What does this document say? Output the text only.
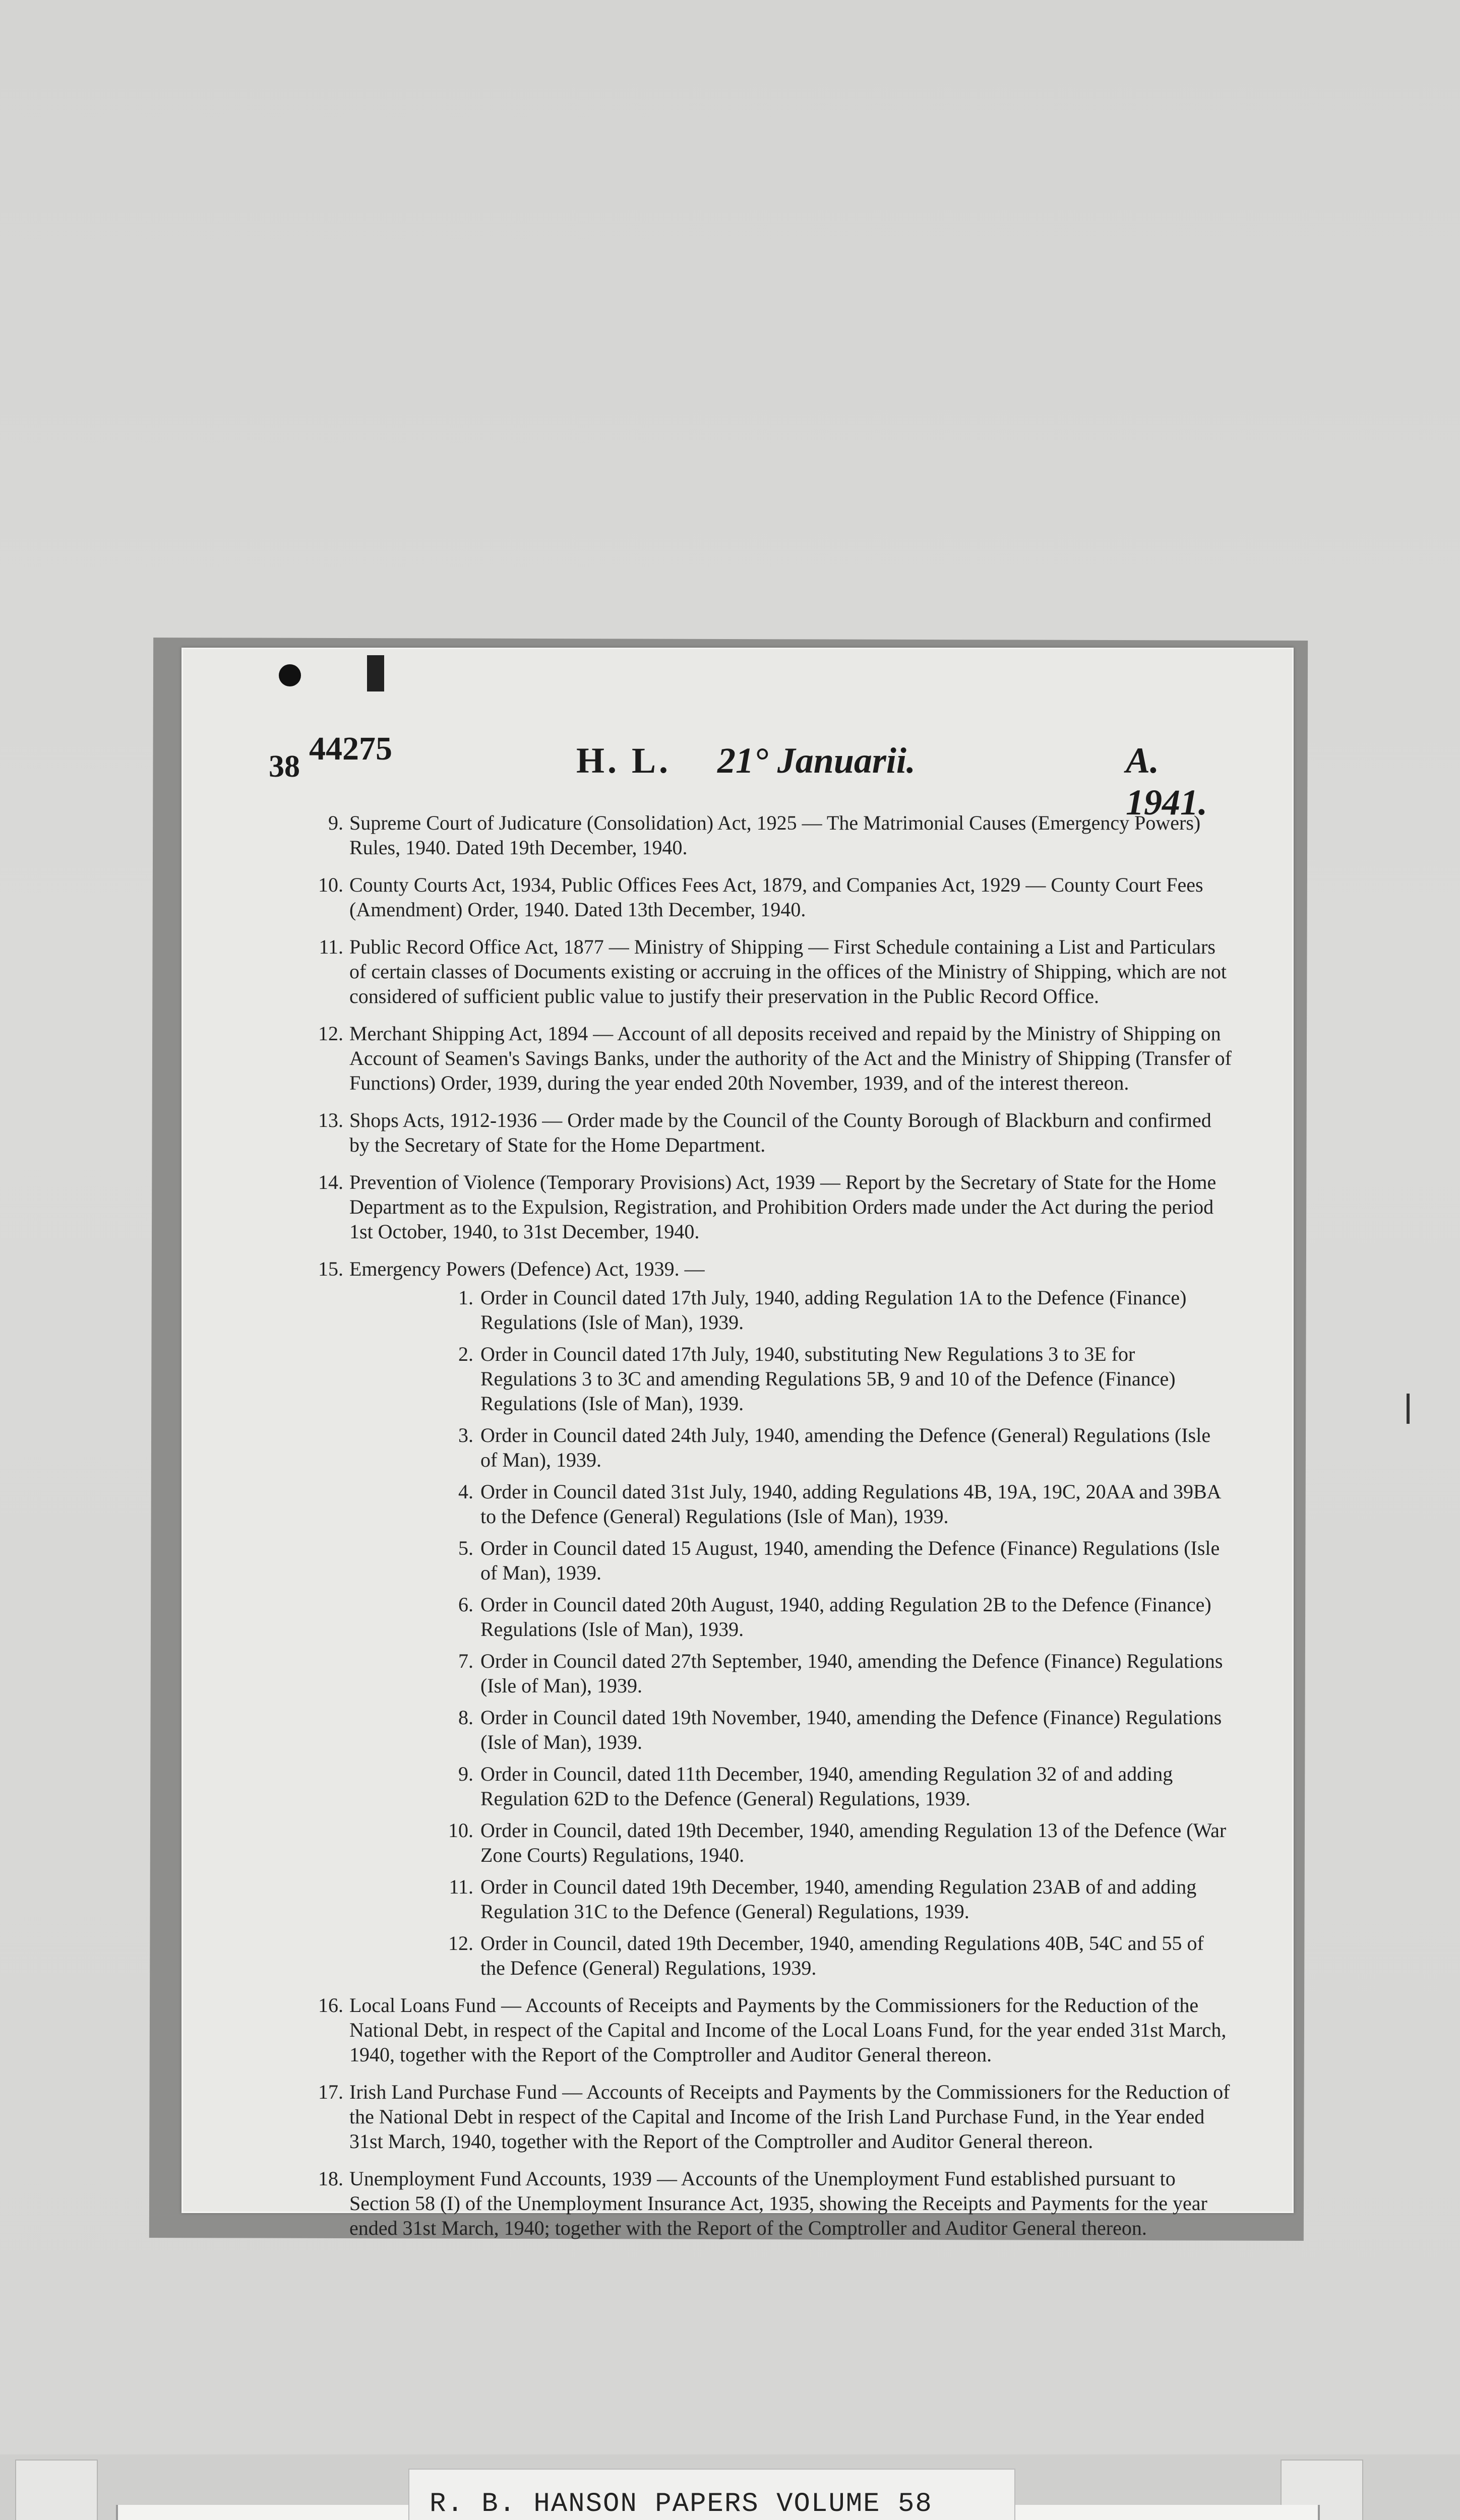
38 44275	H. L. 21° Januarii.	A. 1941.
9. Supreme Court of Judicature (Consolidation) Act, 1925 — The Matrimonial Causes (Emergency Powers) Rules, 1940. Dated 19th December, 1940.
10. County Courts Act, 1934, Public Offices Fees Act, 1879, and Companies Act, 1929 — County Court Fees (Amendment) Order, 1940. Dated 13th December, 1940.
11. Public Record Office Act, 1877 — Ministry of Shipping — First Schedule containing a List and Particulars of certain classes of Documents existing or accruing in the offices of the Ministry of Shipping, which are not considered of sufficient public value to justify their preservation in the Public Record Office.
12. Merchant Shipping Act, 1894 — Account of all deposits received and repaid by the Ministry of Shipping on Account of Seamen's Savings Banks, under the authority of the Act and the Ministry of Shipping (Transfer of Functions) Order, 1939, during the year ended 20th November, 1939, and of the interest thereon.
13. Shops Acts, 1912-1936 — Order made by the Council of the County Borough of Blackburn and confirmed by the Secretary of State for the Home Department.
14. Prevention of Violence (Temporary Provisions) Act, 1939 — Report by the Secretary of State for the Home Department as to the Expulsion, Registration, and Prohibition Orders made under the Act during the period 1st October, 1940, to 31st December, 1940.
15. Emergency Powers (Defence) Act, 1939. —
1. Order in Council dated 17th July, 1940, adding Regulation 1A to the Defence (Finance) Regulations (Isle of Man), 1939.
2. Order in Council dated 17th July, 1940, substituting New Regulations 3 to 3E for Regulations 3 to 3C and amending Regulations 5B, 9 and 10 of the Defence (Finance) Regulations (Isle of Man), 1939.
3. Order in Council dated 24th July, 1940, amending the Defence (General) Regulations (Isle of Man), 1939.
4. Order in Council dated 31st July, 1940, adding Regulations 4B, 19A, 19C, 20AA and 39BA to the Defence (General) Regulations (Isle of Man), 1939.
5. Order in Council dated 15 August, 1940, amending the Defence (Finance) Regulations (Isle of Man), 1939.
6. Order in Council dated 20th August, 1940, adding Regulation 2B to the Defence (Finance) Regulations (Isle of Man), 1939.
7. Order in Council dated 27th September, 1940, amending the Defence (Finance) Regulations (Isle of Man), 1939.
8. Order in Council dated 19th November, 1940, amending the Defence (Finance) Regulations (Isle of Man), 1939.
9. Order in Council, dated 11th December, 1940, amending Regulation 32 of and adding Regulation 62D to the Defence (General) Regulations, 1939.
10. Order in Council, dated 19th December, 1940, amending Regulation 13 of the Defence (War Zone Courts) Regulations, 1940.
11. Order in Council dated 19th December, 1940, amending Regulation 23AB of and adding Regulation 31C to the Defence (General) Regulations, 1939.
12. Order in Council, dated 19th December, 1940, amending Regulations 40B, 54C and 55 of the Defence (General) Regulations, 1939.
16. Local Loans Fund — Accounts of Receipts and Payments by the Commissioners for the Reduction of the National Debt, in respect of the Capital and Income of the Local Loans Fund, for the year ended 31st March, 1940, together with the Report of the Comptroller and Auditor General thereon.
17. Irish Land Purchase Fund — Accounts of Receipts and Payments by the Commissioners for the Reduction of the National Debt in respect of the Capital and Income of the Irish Land Purchase Fund, in the Year ended 31st March, 1940, together with the Report of the Comptroller and Auditor General thereon.
18. Unemployment Fund Accounts, 1939 — Accounts of the Unemployment Fund established pursuant to Section 58 (I) of the Unemployment Insurance Act, 1935, showing the Receipts and Payments for the year ended 31st March, 1940; together with the Report of the Comptroller and Auditor General thereon.
R. B. HANSON PAPERS VOLUME 58
